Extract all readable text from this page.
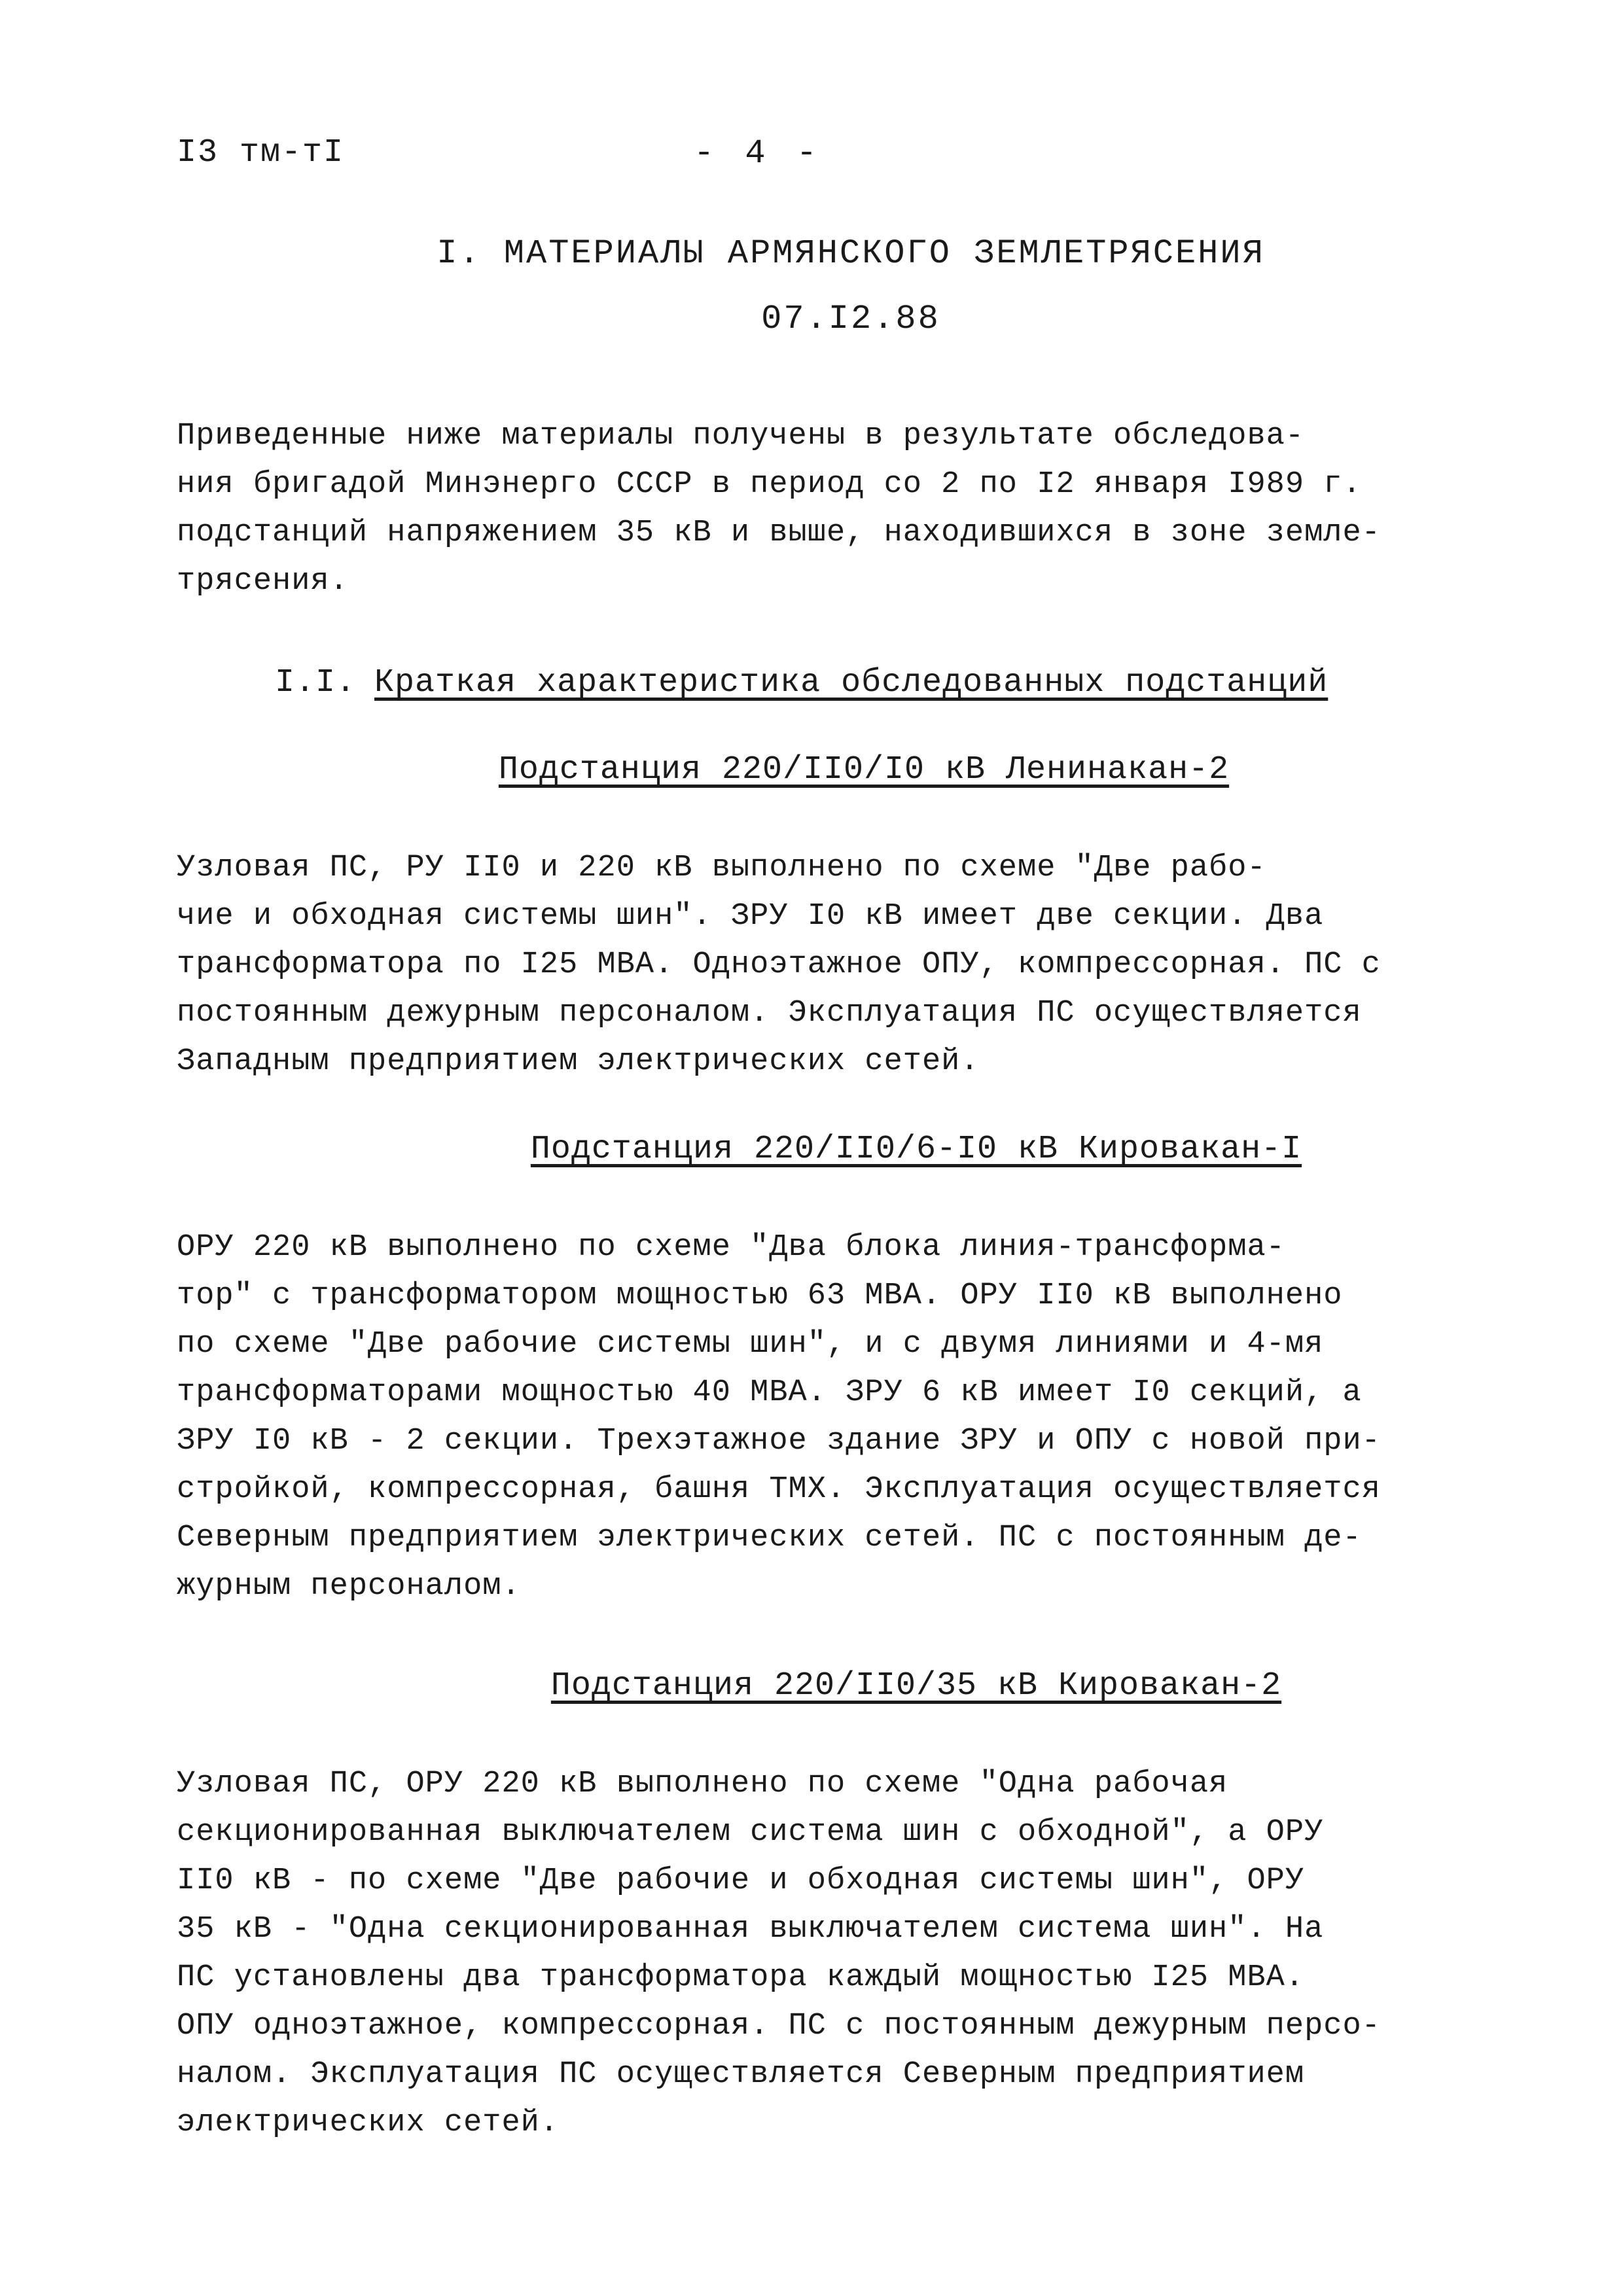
I3 тм-тI	- 4 -
I. МАТЕРИАЛЫ АРМЯНСКОГО ЗЕМЛЕТРЯСЕНИЯ
07.I2.88
Приведенные ниже материалы получены в результате обследова-
ния бригадой Минэнерго СССР в период со 2 по I2 января I989 г.
подстанций напряжением 35 кВ и выше, находившихся в зоне земле-
трясения.
I.I. Краткая характеристика обследованных подстанций
Подстанция 220/II0/I0 кВ Ленинакан-2
Узловая ПС, РУ II0 и 220 кВ выполнено по схеме "Две рабо-
чие и обходная системы шин". ЗРУ I0 кВ имеет две секции. Два
трансформатора по I25 МВА. Одноэтажное ОПУ, компрессорная. ПС с
постоянным дежурным персоналом. Эксплуатация ПС осуществляется
Западным предприятием электрических сетей.
Подстанция 220/II0/6-I0 кВ Кировакан-I
ОРУ 220 кВ выполнено по схеме "Два блока линия-трансформа-
тор" с трансформатором мощностью 63 МВА. ОРУ II0 кВ выполнено
по схеме "Две рабочие системы шин", и с двумя линиями и 4-мя
трансформаторами мощностью 40 МВА. ЗРУ 6 кВ имеет I0 секций, а
ЗРУ I0 кВ - 2 секции. Трехэтажное здание ЗРУ и ОПУ с новой при-
стройкой, компрессорная, башня ТМХ. Эксплуатация осуществляется
Северным предприятием электрических сетей. ПС с постоянным де-
журным персоналом.
Подстанция 220/II0/35 кВ Кировакан-2
Узловая ПС, ОРУ 220 кВ выполнено по схеме "Одна рабочая
секционированная выключателем система шин с обходной", а ОРУ
II0 кВ - по схеме "Две рабочие и обходная системы шин", ОРУ
35 кВ - "Одна секционированная выключателем система шин". На
ПС установлены два трансформатора каждый мощностью I25 МВА.
ОПУ одноэтажное, компрессорная. ПС с постоянным дежурным персо-
налом. Эксплуатация ПС осуществляется Северным предприятием
электрических сетей.
